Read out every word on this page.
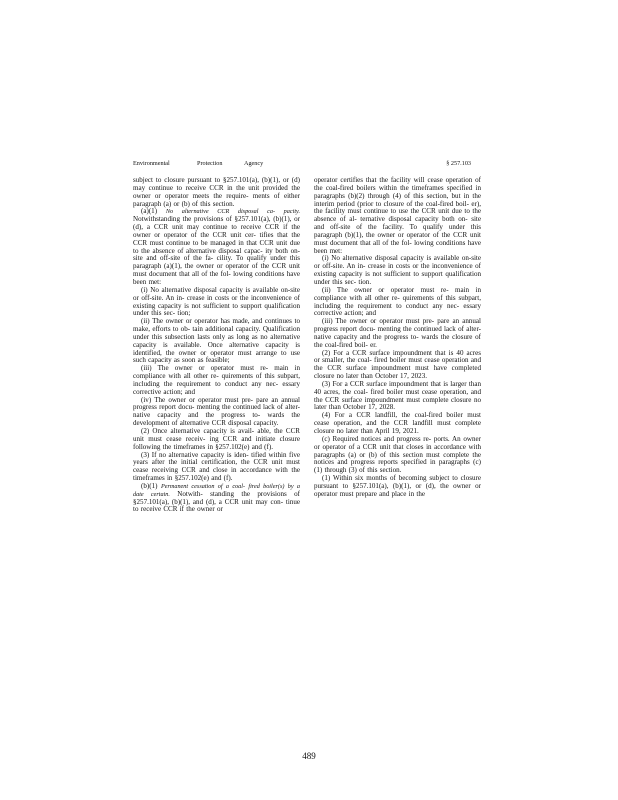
Environmental	Protection	Agency	§ 257.103

subject to closure pursuant to §257.101(a), (b)(1), or (d) may continue to receive CCR in the unit provided the owner or operator meets the require- ments of either paragraph (a) or (b) of this section.

(a)(1) No alternative CCR disposal ca- pacity. Notwithstanding the provisions of §257.101(a), (b)(1), or (d), a CCR unit may continue to receive CCR if the owner or operator of the CCR unit cer- tifies that the CCR must continue to be managed in that CCR unit due to the absence of alternative disposal capac- ity both on-site and off-site of the fa- cility. To qualify under this paragraph (a)(1), the owner or operator of the CCR unit must document that all of the fol- lowing conditions have been met:

(i) No alternative disposal capacity is available on-site or off-site. An in- crease in costs or the inconvenience of existing capacity is not sufficient to support qualification under this sec- tion;

(ii) The owner or operator has made, and continues to make, efforts to ob- tain additional capacity. Qualification under this subsection lasts only as long as no alternative capacity is available. Once alternative capacity is identified, the owner or operator must arrange to use such capacity as soon as feasible;

(iii) The owner or operator must re- main in compliance with all other re- quirements of this subpart, including the requirement to conduct any nec- essary corrective action; and

(iv) The owner or operator must pre- pare an annual progress report docu- menting the continued lack of alter- native capacity and the progress to- wards the development of alternative CCR disposal capacity.

(2) Once alternative capacity is avail- able, the CCR unit must cease receiv- ing CCR and initiate closure following the timeframes in §257.102(e) and (f).

(3) If no alternative capacity is iden- tified within five years after the initial certification, the CCR unit must cease receiving CCR and close in accordance with the timeframes in §257.102(e) and (f).

(b)(1) Permanent cessation of a coal- fired boiler(s) by a date certain. Notwith- standing the provisions of §257.101(a), (b)(1), and (d), a CCR unit may con- tinue to receive CCR if the owner or

operator certifies that the facility will cease operation of the coal-fired boilers within the timeframes specified in paragraphs (b)(2) through (4) of this section, but in the interim period (prior to closure of the coal-fired boil- er), the facility must continue to use the CCR unit due to the absence of al- ternative disposal capacity both on- site and off-site of the facility. To qualify under this paragraph (b)(1), the owner or operator of the CCR unit must document that all of the fol- lowing conditions have been met:

(i) No alternative disposal capacity is available on-site or off-site. An in- crease in costs or the inconvenience of existing capacity is not sufficient to support qualification under this sec- tion.

(ii) The owner or operator must re- main in compliance with all other re- quirements of this subpart, including the requirement to conduct any nec- essary corrective action; and

(iii) The owner or operator must pre- pare an annual progress report docu- menting the continued lack of alter- native capacity and the progress to- wards the closure of the coal-fired boil- er.

(2) For a CCR surface impoundment that is 40 acres or smaller, the coal- fired boiler must cease operation and the CCR surface impoundment must have completed closure no later than October 17, 2023.

(3) For a CCR surface impoundment that is larger than 40 acres, the coal- fired boiler must cease operation, and the CCR surface impoundment must complete closure no later than October 17, 2028.

(4) For a CCR landfill, the coal-fired boiler must cease operation, and the CCR landfill must complete closure no later than April 19, 2021.

(c) Required notices and progress re- ports. An owner or operator of a CCR unit that closes in accordance with paragraphs (a) or (b) of this section must complete the notices and progress reports specified in paragraphs (c)(1) through (3) of this section.

(1) Within six months of becoming subject to closure pursuant to §257.101(a), (b)(1), or (d), the owner or operator must prepare and place in the

489
